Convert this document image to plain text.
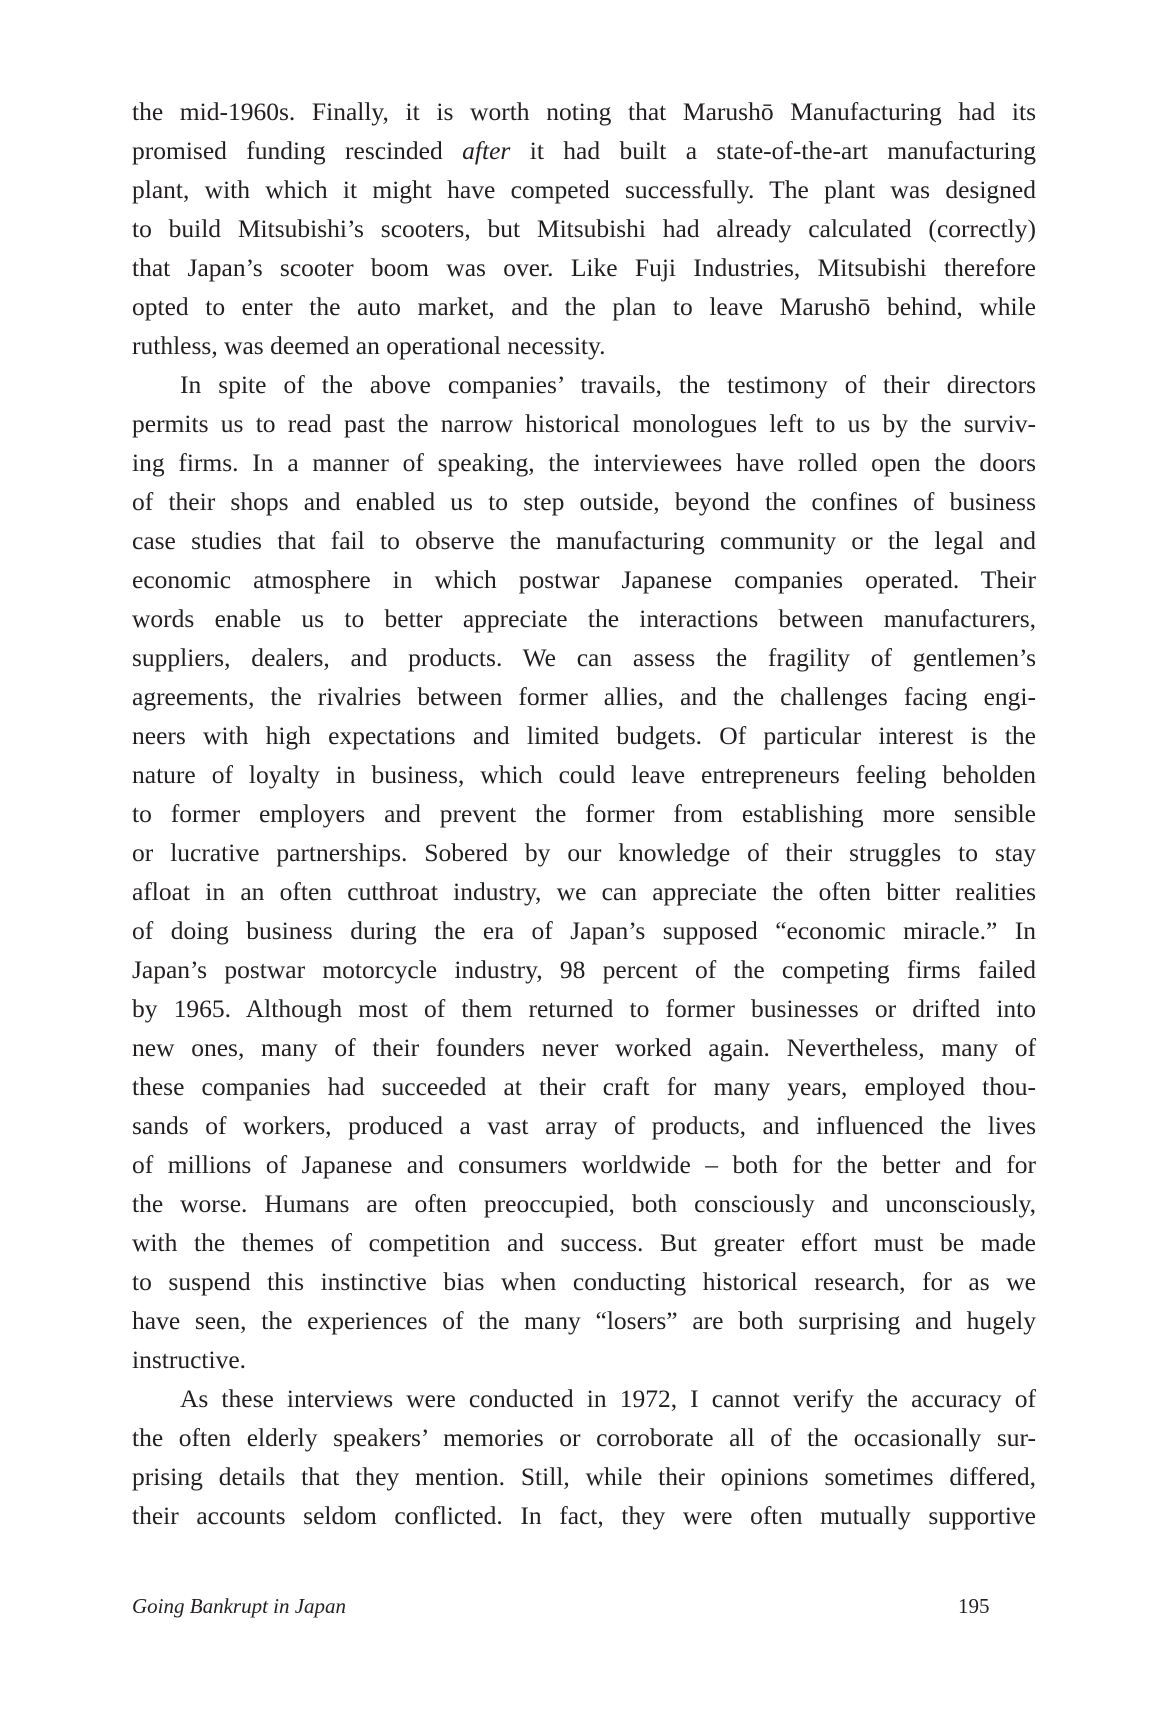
the mid-1960s. Finally, it is worth noting that Marushō Manufacturing had its
promised funding rescinded after it had built a state-of-the-art manufacturing
plant, with which it might have competed successfully. The plant was designed
to build Mitsubishi’s scooters, but Mitsubishi had already calculated (correctly)
that Japan’s scooter boom was over. Like Fuji Industries, Mitsubishi therefore
opted to enter the auto market, and the plan to leave Marushō behind, while
ruthless, was deemed an operational necessity.
In spite of the above companies’ travails, the testimony of their directors
permits us to read past the narrow historical monologues left to us by the surviv-
ing firms. In a manner of speaking, the interviewees have rolled open the doors
of their shops and enabled us to step outside, beyond the confines of business
case studies that fail to observe the manufacturing community or the legal and
economic atmosphere in which postwar Japanese companies operated. Their
words enable us to better appreciate the interactions between manufacturers,
suppliers, dealers, and products. We can assess the fragility of gentlemen’s
agreements, the rivalries between former allies, and the challenges facing engi-
neers with high expectations and limited budgets. Of particular interest is the
nature of loyalty in business, which could leave entrepreneurs feeling beholden
to former employers and prevent the former from establishing more sensible
or lucrative partnerships. Sobered by our knowledge of their struggles to stay
afloat in an often cutthroat industry, we can appreciate the often bitter realities
of doing business during the era of Japan’s supposed “economic miracle.” In
Japan’s postwar motorcycle industry, 98 percent of the competing firms failed
by 1965. Although most of them returned to former businesses or drifted into
new ones, many of their founders never worked again. Nevertheless, many of
these companies had succeeded at their craft for many years, employed thou-
sands of workers, produced a vast array of products, and influenced the lives
of millions of Japanese and consumers worldwide – both for the better and for
the worse. Humans are often preoccupied, both consciously and unconsciously,
with the themes of competition and success. But greater effort must be made
to suspend this instinctive bias when conducting historical research, for as we
have seen, the experiences of the many “losers” are both surprising and hugely
instructive.
As these interviews were conducted in 1972, I cannot verify the accuracy of
the often elderly speakers’ memories or corroborate all of the occasionally sur-
prising details that they mention. Still, while their opinions sometimes differed,
their accounts seldom conflicted. In fact, they were often mutually supportive
Going Bankrupt in Japan	195
